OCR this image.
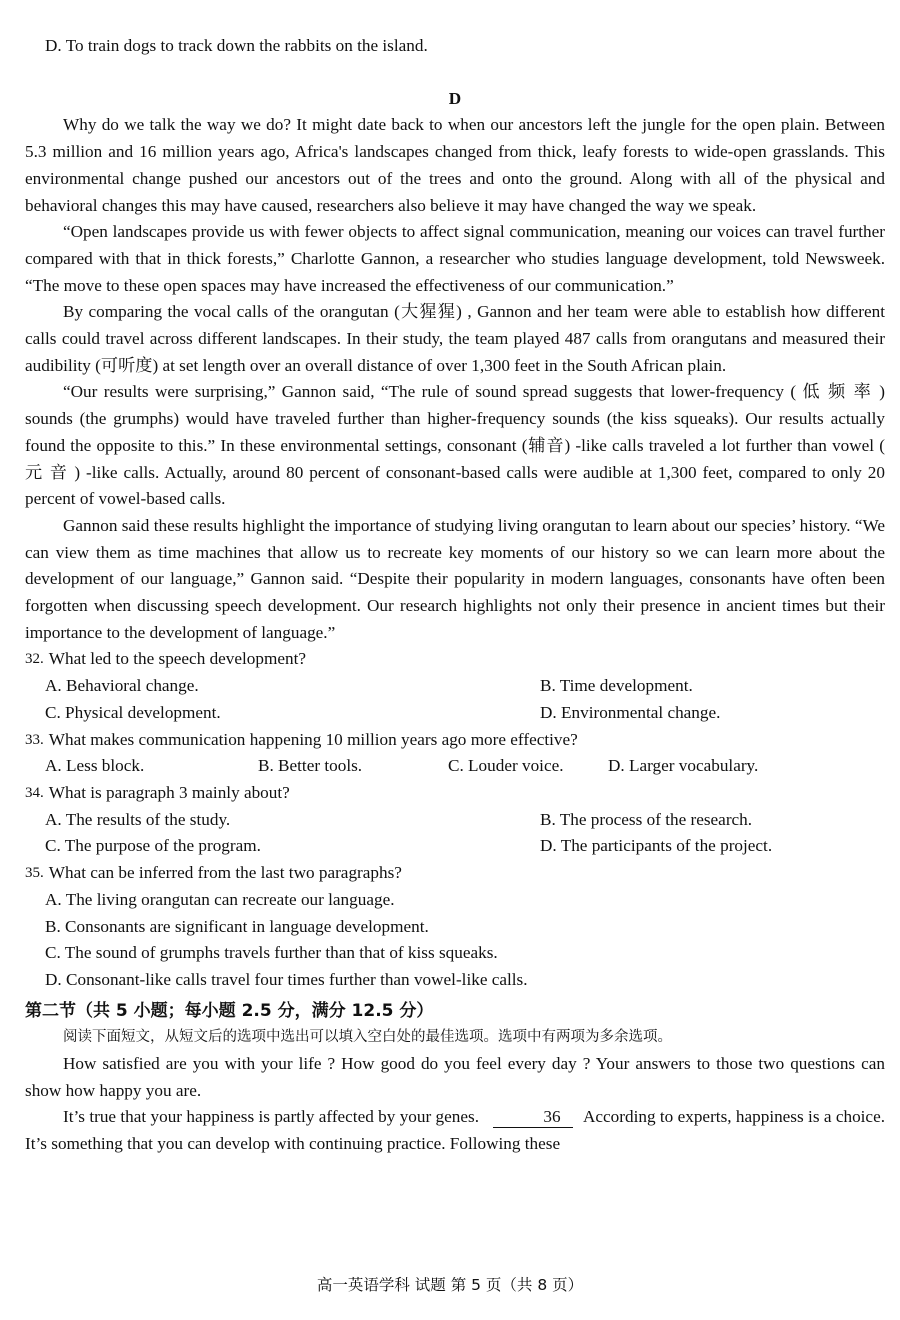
D. To train dogs to track down the rabbits on the island.

D

Why do we talk the way we do? It might date back to when our ancestors left the jungle for the open plain. Between 5.3 million and 16 million years ago, Africa's landscapes changed from thick, leafy forests to wide-open grasslands. This environmental change pushed our ancestors out of the trees and onto the ground. Along with all of the physical and behavioral changes this may have caused, researchers also believe it may have changed the way we speak.

“Open landscapes provide us with fewer objects to affect signal communication, meaning our voices can travel further compared with that in thick forests,” Charlotte Gannon, a researcher who studies language development, told Newsweek. “The move to these open spaces may have increased the effectiveness of our communication.”

By comparing the vocal calls of the orangutan (大猩猩) , Gannon and her team were able to establish how different calls could travel across different landscapes. In their study, the team played 487 calls from orangutans and measured their audibility (可听度) at set length over an overall distance of over 1,300 feet in the South African plain.

“Our results were surprising,” Gannon said, “The rule of sound spread suggests that lower-frequency ( 低 频 率 ) sounds (the grumphs) would have traveled further than higher-frequency sounds (the kiss squeaks). Our results actually found the opposite to this.” In these environmental settings, consonant (辅音) -like calls traveled a lot further than vowel ( 元 音 ) -like calls. Actually, around 80 percent of consonant-based calls were audible at 1,300 feet, compared to only 20 percent of vowel-based calls.

Gannon said these results highlight the importance of studying living orangutan to learn about our species’ history. “We can view them as time machines that allow us to recreate key moments of our history so we can learn more about the development of our language,” Gannon said. “Despite their popularity in modern languages, consonants have often been forgotten when discussing speech development. Our research highlights not only their presence in ancient times but their importance to the development of language.”

32. What led to the speech development?
A. Behavioral change.	B. Time development.
C. Physical development.	D. Environmental change.
33. What makes communication happening 10 million years ago more effective?
A. Less block.	B. Better tools.	C. Louder voice.	D. Larger vocabulary.
34. What is paragraph 3 mainly about?
A. The results of the study.	B. The process of the research.
C. The purpose of the program.	D. The participants of the project.
35. What can be inferred from the last two paragraphs?
A. The living orangutan can recreate our language.
B. Consonants are significant in language development.
C. The sound of grumphs travels further than that of kiss squeaks.
D. Consonant-like calls travel four times further than vowel-like calls.

第二节（共 5 小题；每小题 2.5 分，满分 12.5 分）

阅读下面短文，从短文后的选项中选出可以填入空白处的最佳选项。选项中有两项为多余选项。

How satisfied are you with your life ? How good do you feel every day ? Your answers to those two questions can show how happy you are.

It’s true that your happiness is partly affected by your genes.	36 According to experts, happiness is a choice. It’s something that you can develop with continuing practice. Following these

高一英语学科 试题 第 5 页（共 8 页）
